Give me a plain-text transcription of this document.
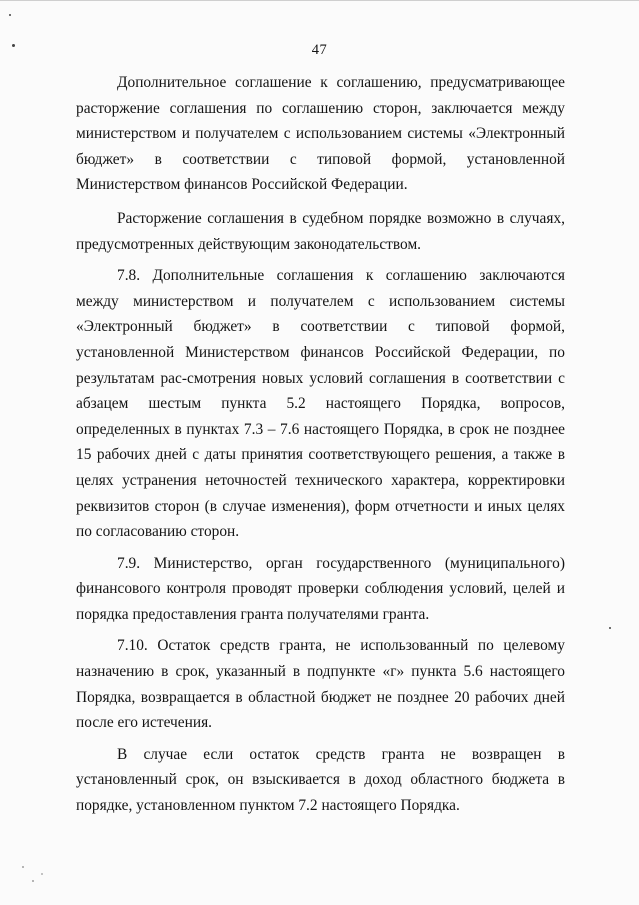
47

Дополнительное соглашение к соглашению, предусматривающее расторжение соглашения по соглашению сторон, заключается между министерством и получателем с использованием системы «Электронный бюджет» в соответствии с типовой формой, установленной Министерством финансов Российской Федерации.

Расторжение соглашения в судебном порядке возможно в случаях, предусмотренных действующим законодательством.

7.8. Дополнительные соглашения к соглашению заключаются между министерством и получателем с использованием системы «Электронный бюджет» в соответствии с типовой формой, установленной Министерством финансов Российской Федерации, по результатам рас-смотрения новых условий соглашения в соответствии с абзацем шестым пункта 5.2 настоящего Порядка, вопросов, определенных в пунктах 7.3 – 7.6 настоящего Порядка, в срок не позднее 15 рабочих дней с даты принятия соответствующего решения, а также в целях устранения неточностей технического характера, корректировки реквизитов сторон (в случае изменения), форм отчетности и иных целях по согласованию сторон.

7.9. Министерство, орган государственного (муниципального) финансового контроля проводят проверки соблюдения условий, целей и порядка предоставления гранта получателями гранта.

7.10. Остаток средств гранта, не использованный по целевому назначению в срок, указанный в подпункте «г» пункта 5.6 настоящего Порядка, возвращается в областной бюджет не позднее 20 рабочих дней после его истечения.

В случае если остаток средств гранта не возвращен в установленный срок, он взыскивается в доход областного бюджета в порядке, установленном пунктом 7.2 настоящего Порядка.
